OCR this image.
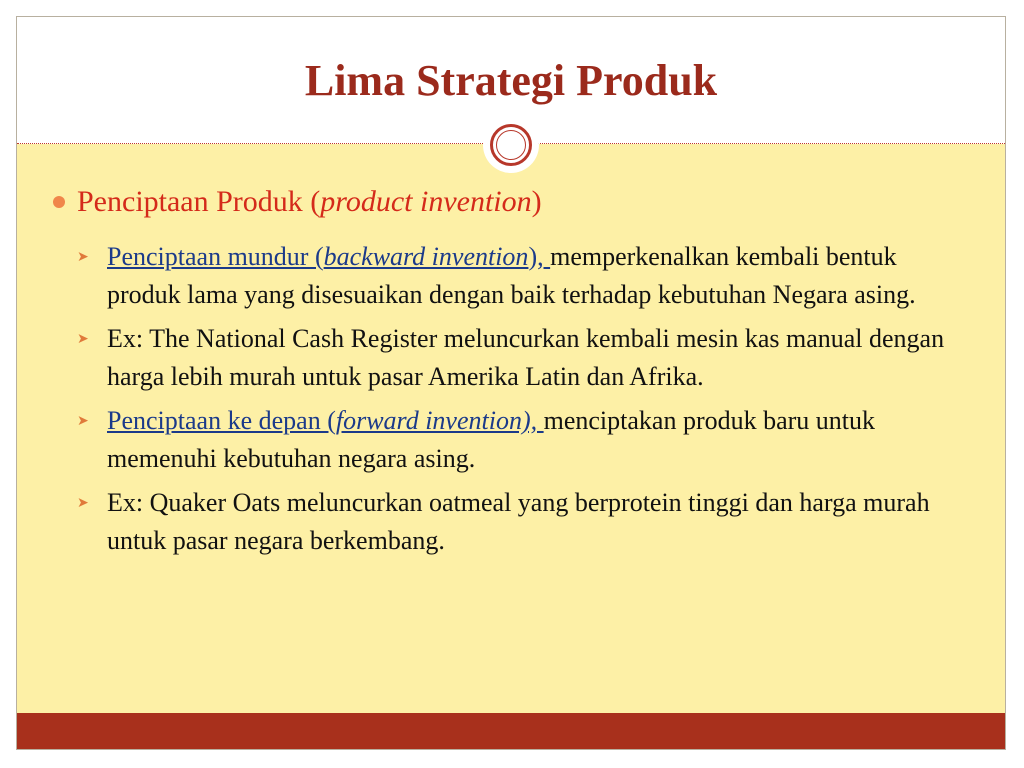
Lima Strategi Produk
Penciptaan Produk (product invention)
➤ Penciptaan mundur (backward invention), memperkenalkan kembali bentuk produk lama yang disesuaikan dengan baik terhadap kebutuhan Negara asing.
➤ Ex: The National Cash Register meluncurkan kembali mesin kas manual dengan harga lebih murah untuk pasar Amerika Latin dan Afrika.
➤ Penciptaan ke depan (forward invention), menciptakan produk baru untuk memenuhi kebutuhan negara asing.
➤ Ex: Quaker Oats meluncurkan oatmeal yang berprotein tinggi dan harga murah untuk pasar negara berkembang.
